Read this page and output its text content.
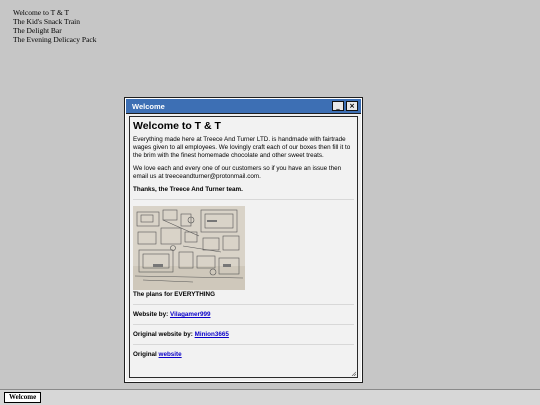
Welcome to T & T
The Kid's Snack Train
The Delight Bar
The Evening Delicacy Pack
Welcome	_	×
Welcome to T & T

Everything made here at Treece And Turner LTD. is handmade with fairtrade wages given to all employees. We lovingly craft each of our boxes then fill it to the brim with the finest homemade chocolate and other sweet treats.

We love each and every one of our customers so if you have an issue then email us at treeceandturner@protonmail.com.

Thanks, the Treece And Turner team.

The plans for EVERYTHING
Website by: Vilagamer999
Original website by: Minion3665
Original website
Welcome
